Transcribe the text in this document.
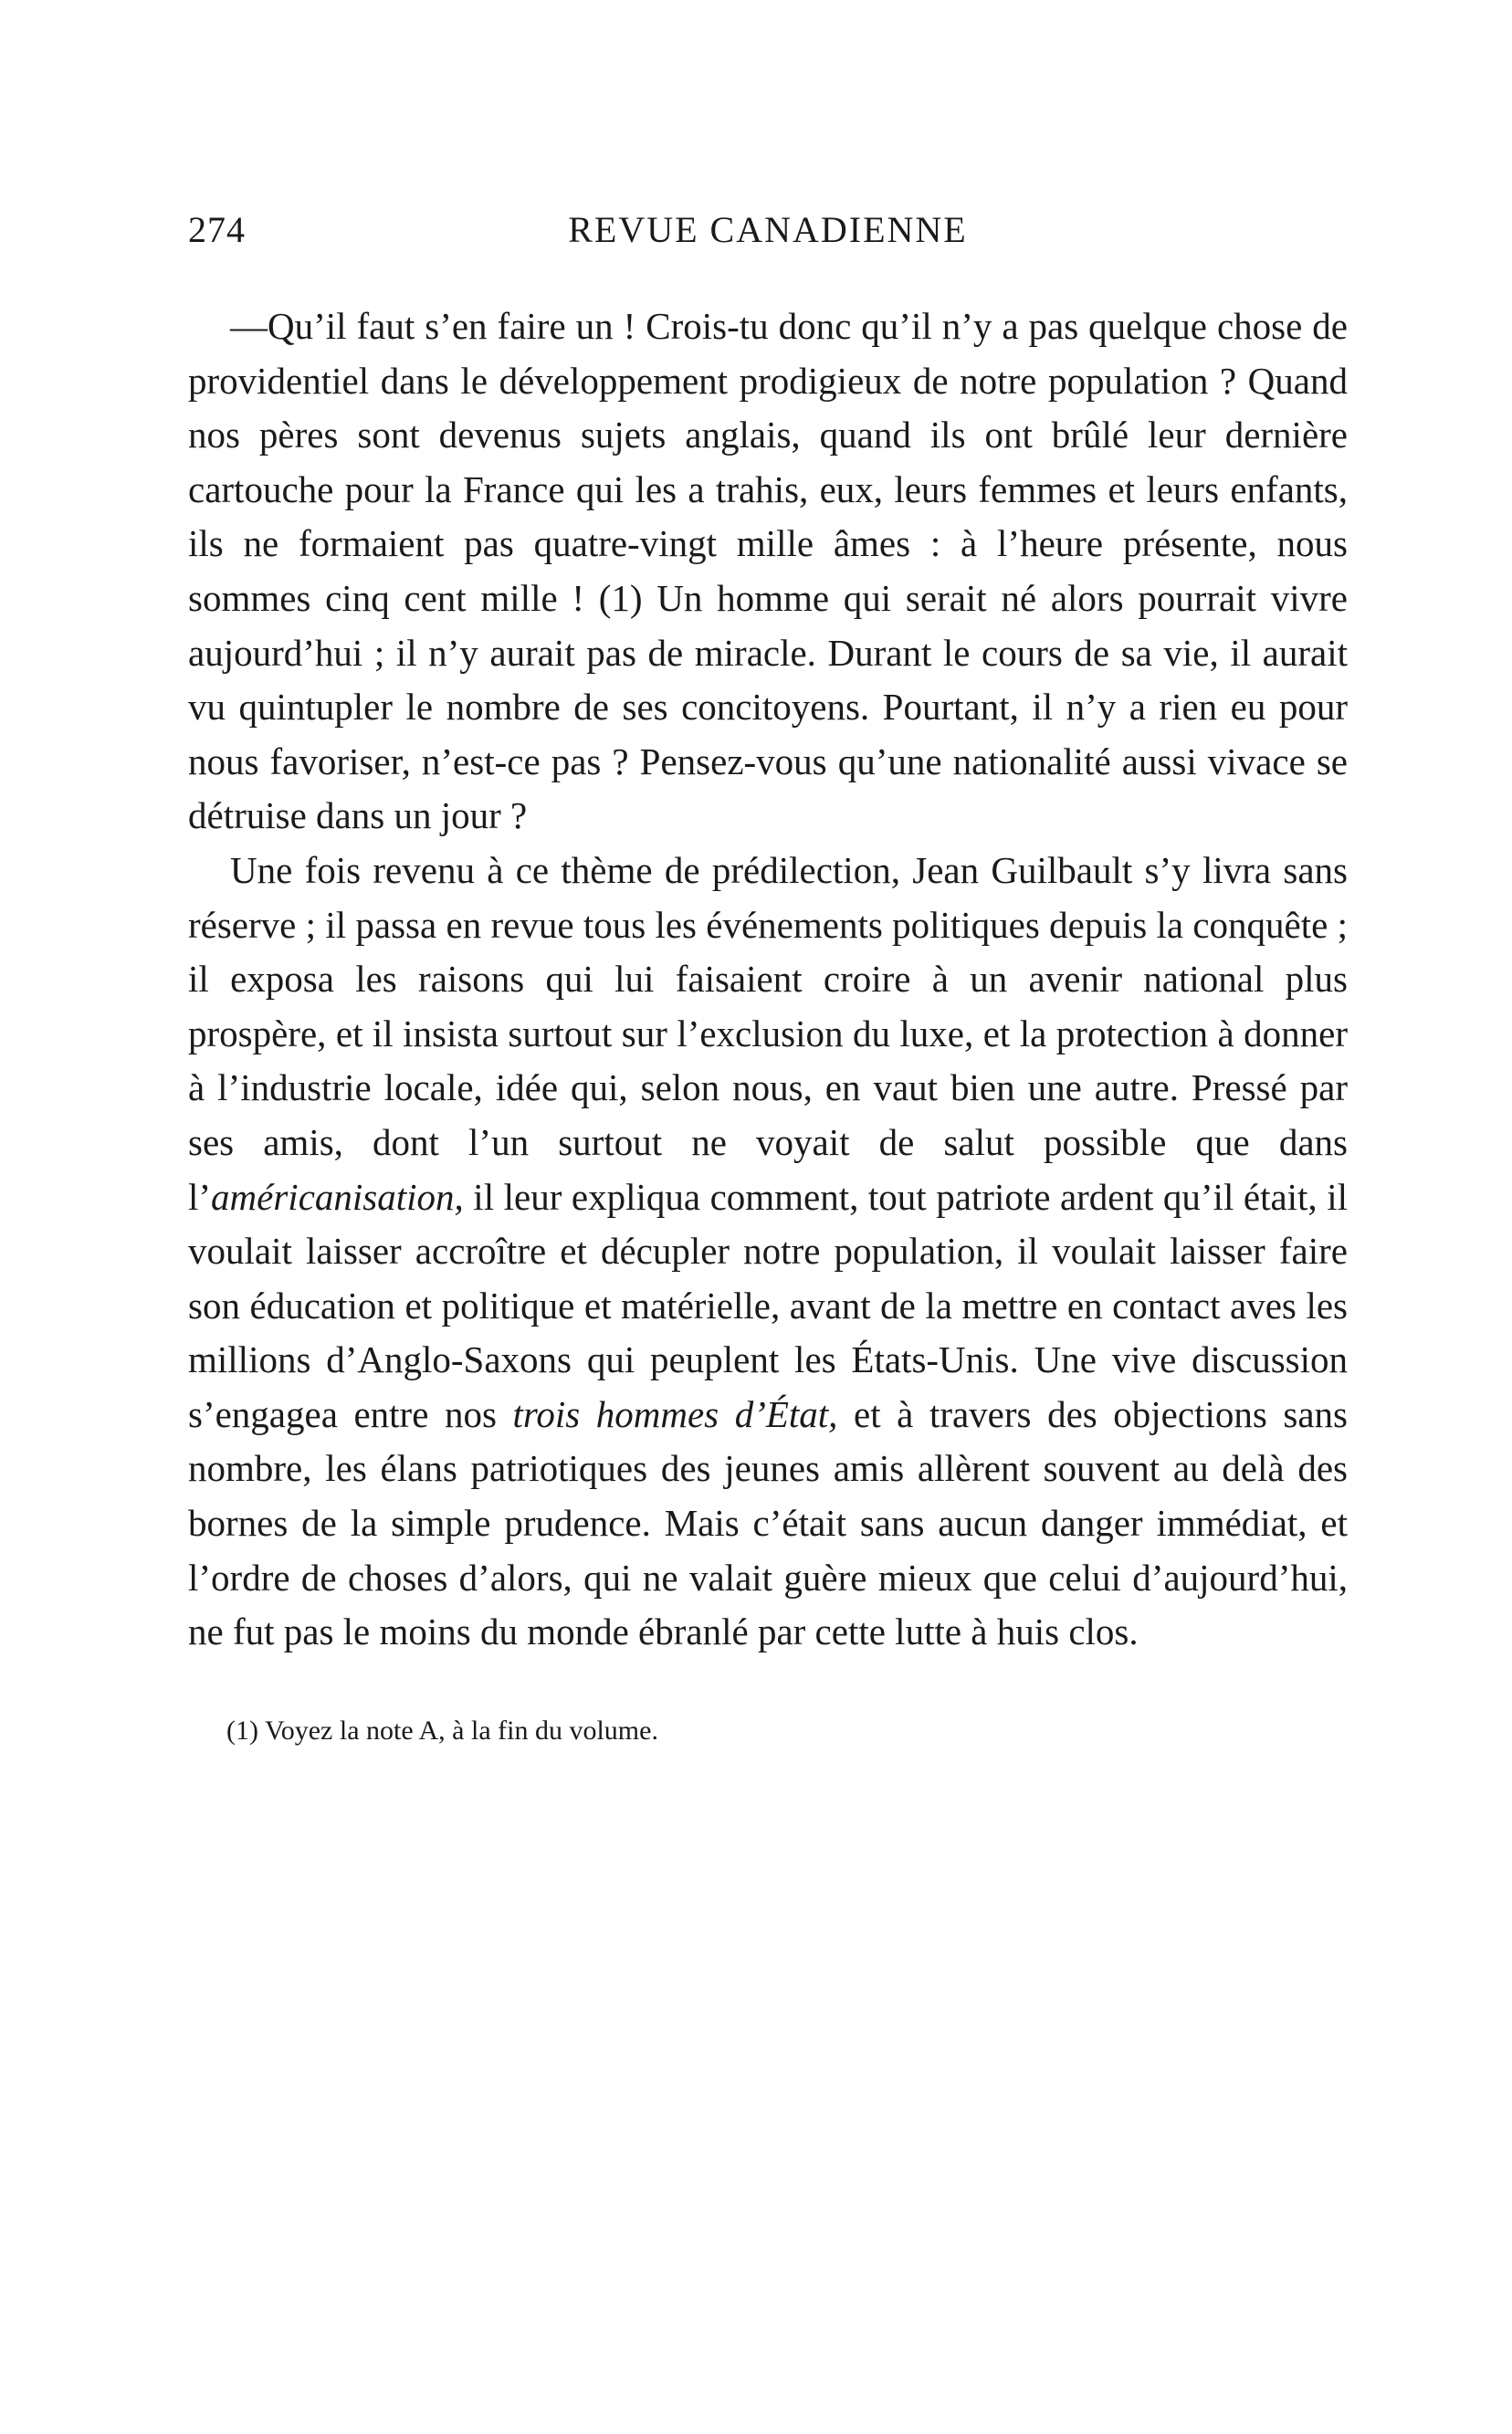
274	REVUE CANADIENNE

—Qu’il faut s’en faire un ! Crois-tu donc qu’il n’y a pas quelque chose de providentiel dans le développement prodigieux de notre population ? Quand nos pères sont devenus sujets anglais, quand ils ont brûlé leur dernière cartouche pour la France qui les a trahis, eux, leurs femmes et leurs enfants, ils ne formaient pas quatre-vingt mille âmes : à l’heure présente, nous sommes cinq cent mille ! (1) Un homme qui serait né alors pourrait vivre aujourd’hui ; il n’y aurait pas de miracle. Durant le cours de sa vie, il aurait vu quintupler le nombre de ses concitoyens. Pourtant, il n’y a rien eu pour nous favoriser, n’est-ce pas ? Pensez-vous qu’une nationalité aussi vivace se détruise dans un jour ?

Une fois revenu à ce thème de prédilection, Jean Guilbault s’y livra sans réserve ; il passa en revue tous les événements politiques depuis la conquête ; il exposa les raisons qui lui faisaient croire à un avenir national plus prospère, et il insista surtout sur l’exclusion du luxe, et la protection à donner à l’industrie locale, idée qui, selon nous, en vaut bien une autre. Pressé par ses amis, dont l’un surtout ne voyait de salut possible que dans l’américanisation, il leur expliqua comment, tout patriote ardent qu’il était, il voulait laisser accroître et décupler notre population, il voulait laisser faire son éducation et politique et matérielle, avant de la mettre en contact aves les millions d’Anglo-Saxons qui peuplent les États-Unis. Une vive discussion s’engagea entre nos trois hommes d’État, et à travers des objections sans nombre, les élans patriotiques des jeunes amis allèrent souvent au delà des bornes de la simple prudence. Mais c’était sans aucun danger immédiat, et l’ordre de choses d’alors, qui ne valait guère mieux que celui d’aujourd’hui, ne fut pas le moins du monde ébranlé par cette lutte à huis clos.

(1) Voyez la note A, à la fin du volume.
